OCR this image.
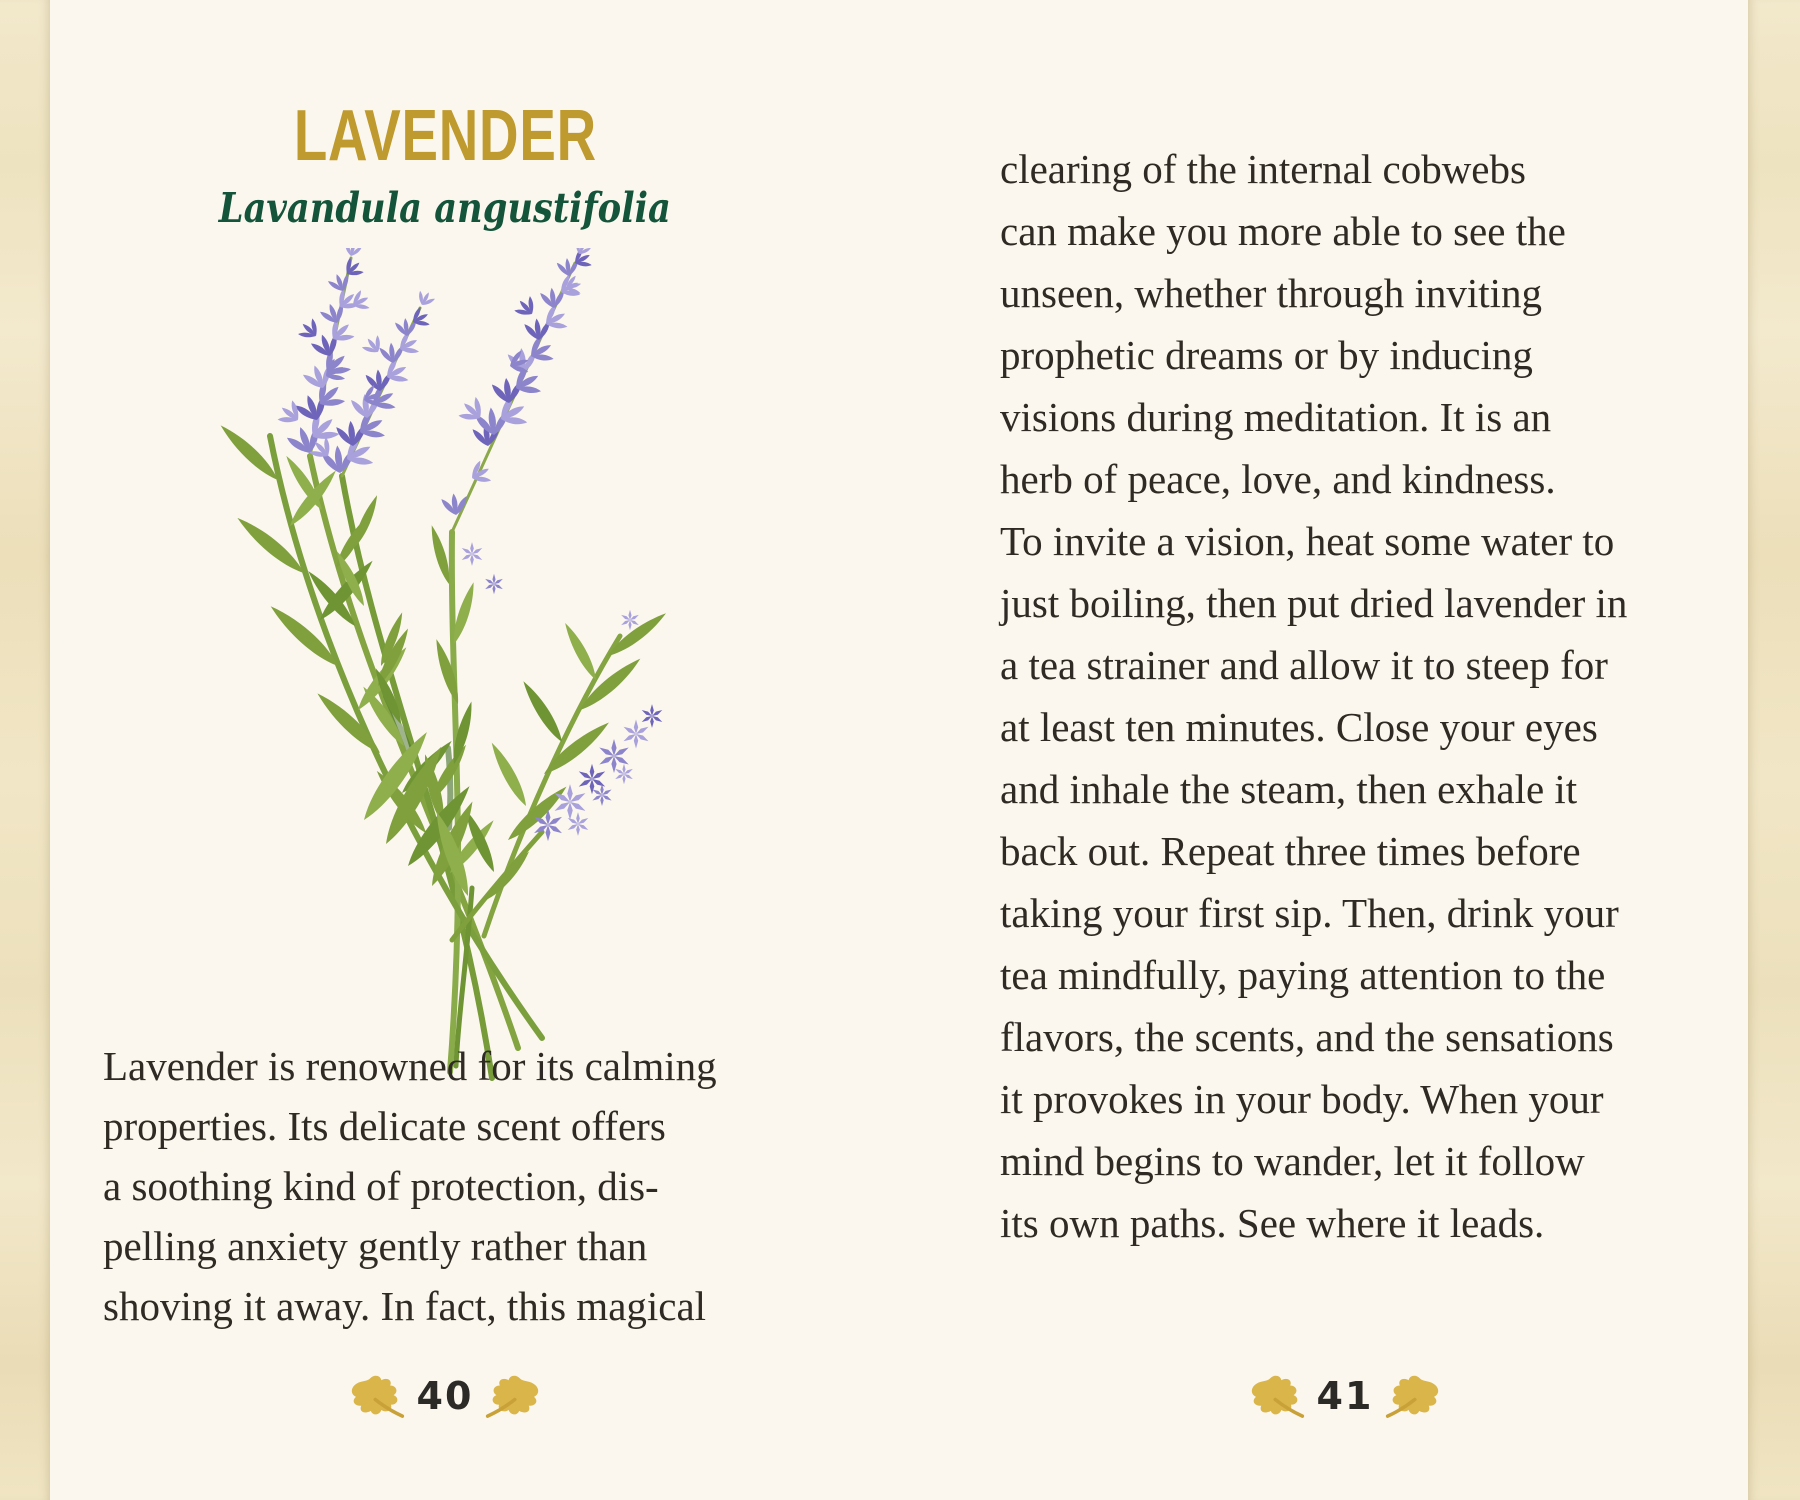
LAVENDER
Lavandula angustifolia
Lavender is renowned for its calming
properties. Its delicate scent offers
a soothing kind of protection, dis-
pelling anxiety gently rather than
shoving it away. In fact, this magical
40
clearing of the internal cobwebs
can make you more able to see the
unseen, whether through inviting
prophetic dreams or by inducing
visions during meditation. It is an
herb of peace, love, and kindness.
To invite a vision, heat some water to
just boiling, then put dried lavender in
a tea strainer and allow it to steep for
at least ten minutes. Close your eyes
and inhale the steam, then exhale it
back out. Repeat three times before
taking your first sip. Then, drink your
tea mindfully, paying attention to the
flavors, the scents, and the sensations
it provokes in your body. When your
mind begins to wander, let it follow
its own paths. See where it leads.
41
